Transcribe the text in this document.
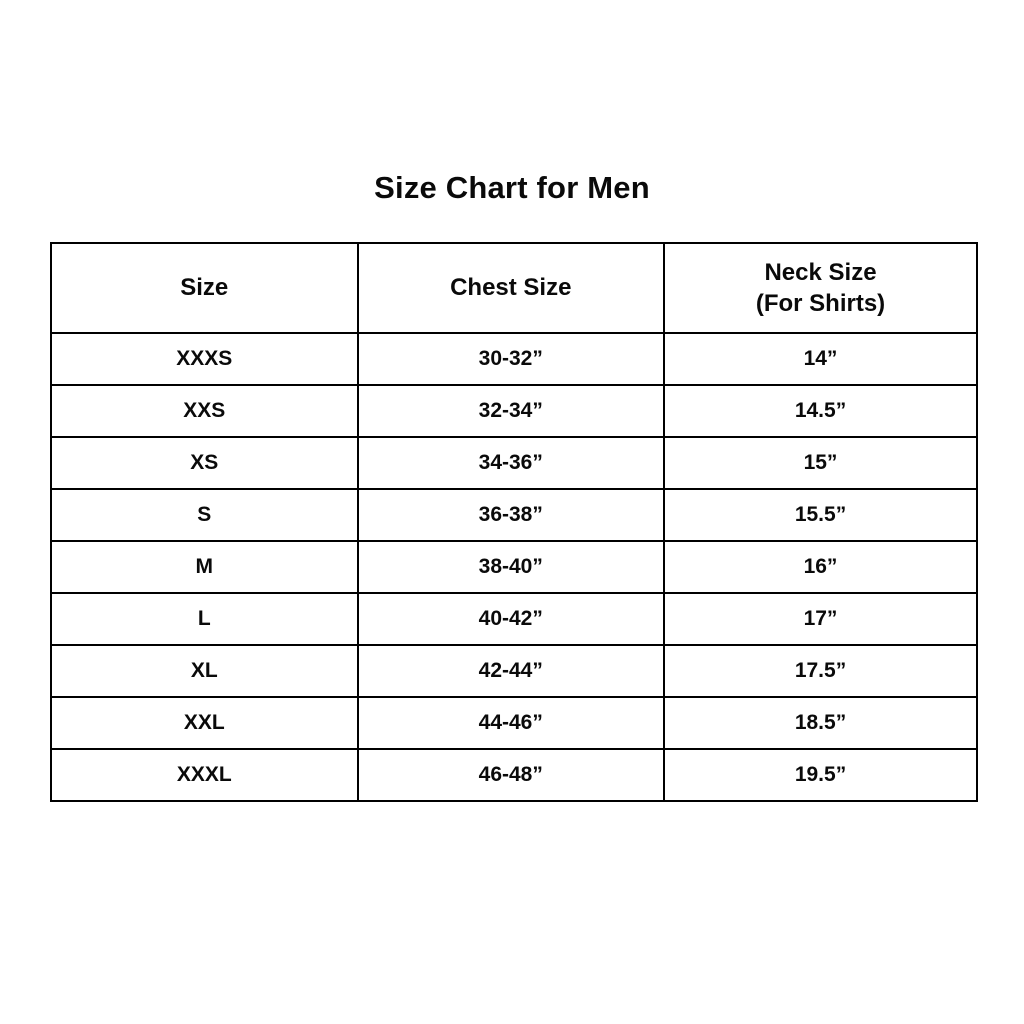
Size Chart for Men
Size	Chest Size	Neck Size
(For Shirts)

XXXS	30-32”	14”
XXS	32-34”	14.5”
XS	34-36”	15”
S	36-38”	15.5”
M	38-40”	16”
L	40-42”	17”
XL	42-44”	17.5”
XXL	44-46”	18.5”
XXXL	46-48”	19.5”
